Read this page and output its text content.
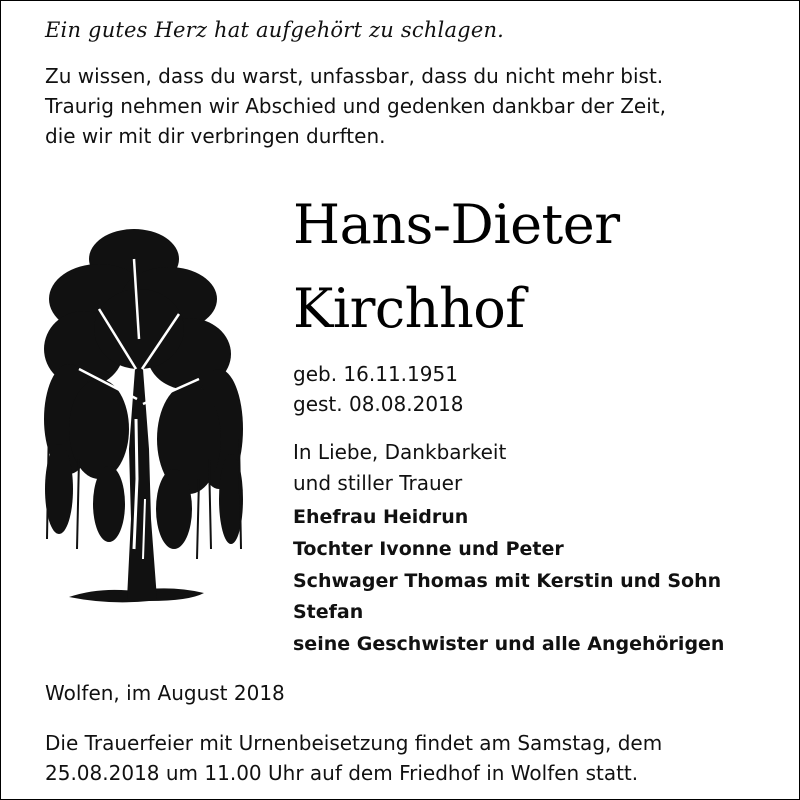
Ein gutes Herz hat aufgehört zu schlagen.
Zu wissen, dass du warst, unfassbar, dass du nicht mehr bist.
Traurig nehmen wir Abschied und gedenken dankbar der Zeit,
die wir mit dir verbringen durften.
Hans-Dieter
Kirchhof
geb. 16.11.1951
gest. 08.08.2018
In Liebe, Dankbarkeit
und stiller Trauer
Ehefrau Heidrun
Tochter Ivonne und Peter
Schwager Thomas mit Kerstin und Sohn
Stefan
seine Geschwister und alle Angehörigen
Wolfen, im August 2018
Die Trauerfeier mit Urnenbeisetzung findet am Samstag, dem
25.08.2018 um 11.00 Uhr auf dem Friedhof in Wolfen statt.
